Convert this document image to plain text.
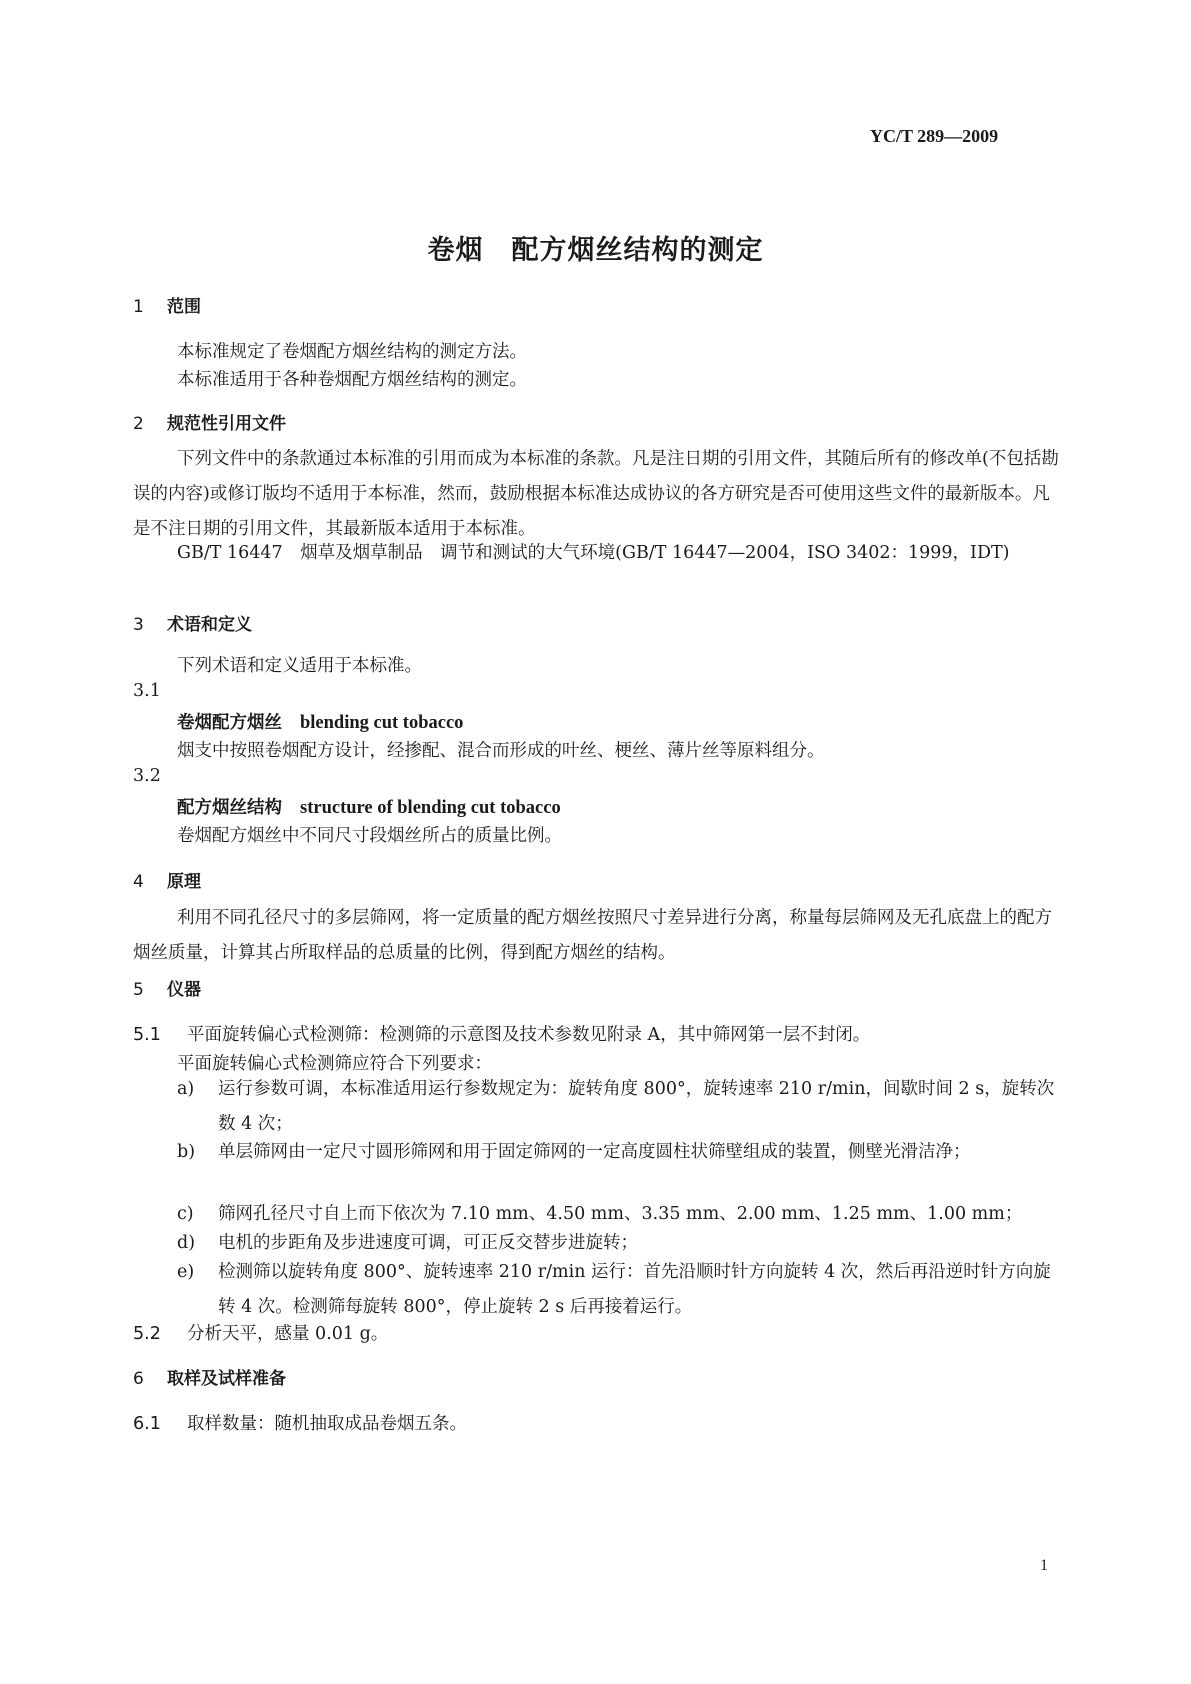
YC/T 289—2009
卷烟　配方烟丝结构的测定
1 范围
本标准规定了卷烟配方烟丝结构的测定方法。
本标准适用于各种卷烟配方烟丝结构的测定。
2 规范性引用文件
下列文件中的条款通过本标准的引用而成为本标准的条款。凡是注日期的引用文件，其随后所有的修改单(不包括勘误的内容)或修订版均不适用于本标准，然而，鼓励根据本标准达成协议的各方研究是否可使用这些文件的最新版本。凡是不注日期的引用文件，其最新版本适用于本标准。
GB/T 16447　烟草及烟草制品　调节和测试的大气环境(GB/T 16447—2004，ISO 3402：1999，IDT)
3 术语和定义
下列术语和定义适用于本标准。
3.1
卷烟配方烟丝 blending cut tobacco
烟支中按照卷烟配方设计，经掺配、混合而形成的叶丝、梗丝、薄片丝等原料组分。
3.2
配方烟丝结构 structure of blending cut tobacco
卷烟配方烟丝中不同尺寸段烟丝所占的质量比例。
4 原理
利用不同孔径尺寸的多层筛网，将一定质量的配方烟丝按照尺寸差异进行分离，称量每层筛网及无孔底盘上的配方烟丝质量，计算其占所取样品的总质量的比例，得到配方烟丝的结构。
5 仪器
5.1 平面旋转偏心式检测筛：检测筛的示意图及技术参数见附录 A，其中筛网第一层不封闭。
平面旋转偏心式检测筛应符合下列要求：
a)	运行参数可调，本标准适用运行参数规定为：旋转角度 800°，旋转速率 210 r/min，间歇时间 2 s，旋转次数 4 次；
b)	单层筛网由一定尺寸圆形筛网和用于固定筛网的一定高度圆柱状筛壁组成的装置，侧壁光滑洁净；
c)	筛网孔径尺寸自上而下依次为 7.10 mm、4.50 mm、3.35 mm、2.00 mm、1.25 mm、1.00 mm；
d)	电机的步距角及步进速度可调，可正反交替步进旋转；
e)	检测筛以旋转角度 800°、旋转速率 210 r/min 运行：首先沿顺时针方向旋转 4 次，然后再沿逆时针方向旋转 4 次。检测筛每旋转 800°，停止旋转 2 s 后再接着运行。
5.2 分析天平，感量 0.01 g。
6 取样及试样准备
6.1 取样数量：随机抽取成品卷烟五条。
1
